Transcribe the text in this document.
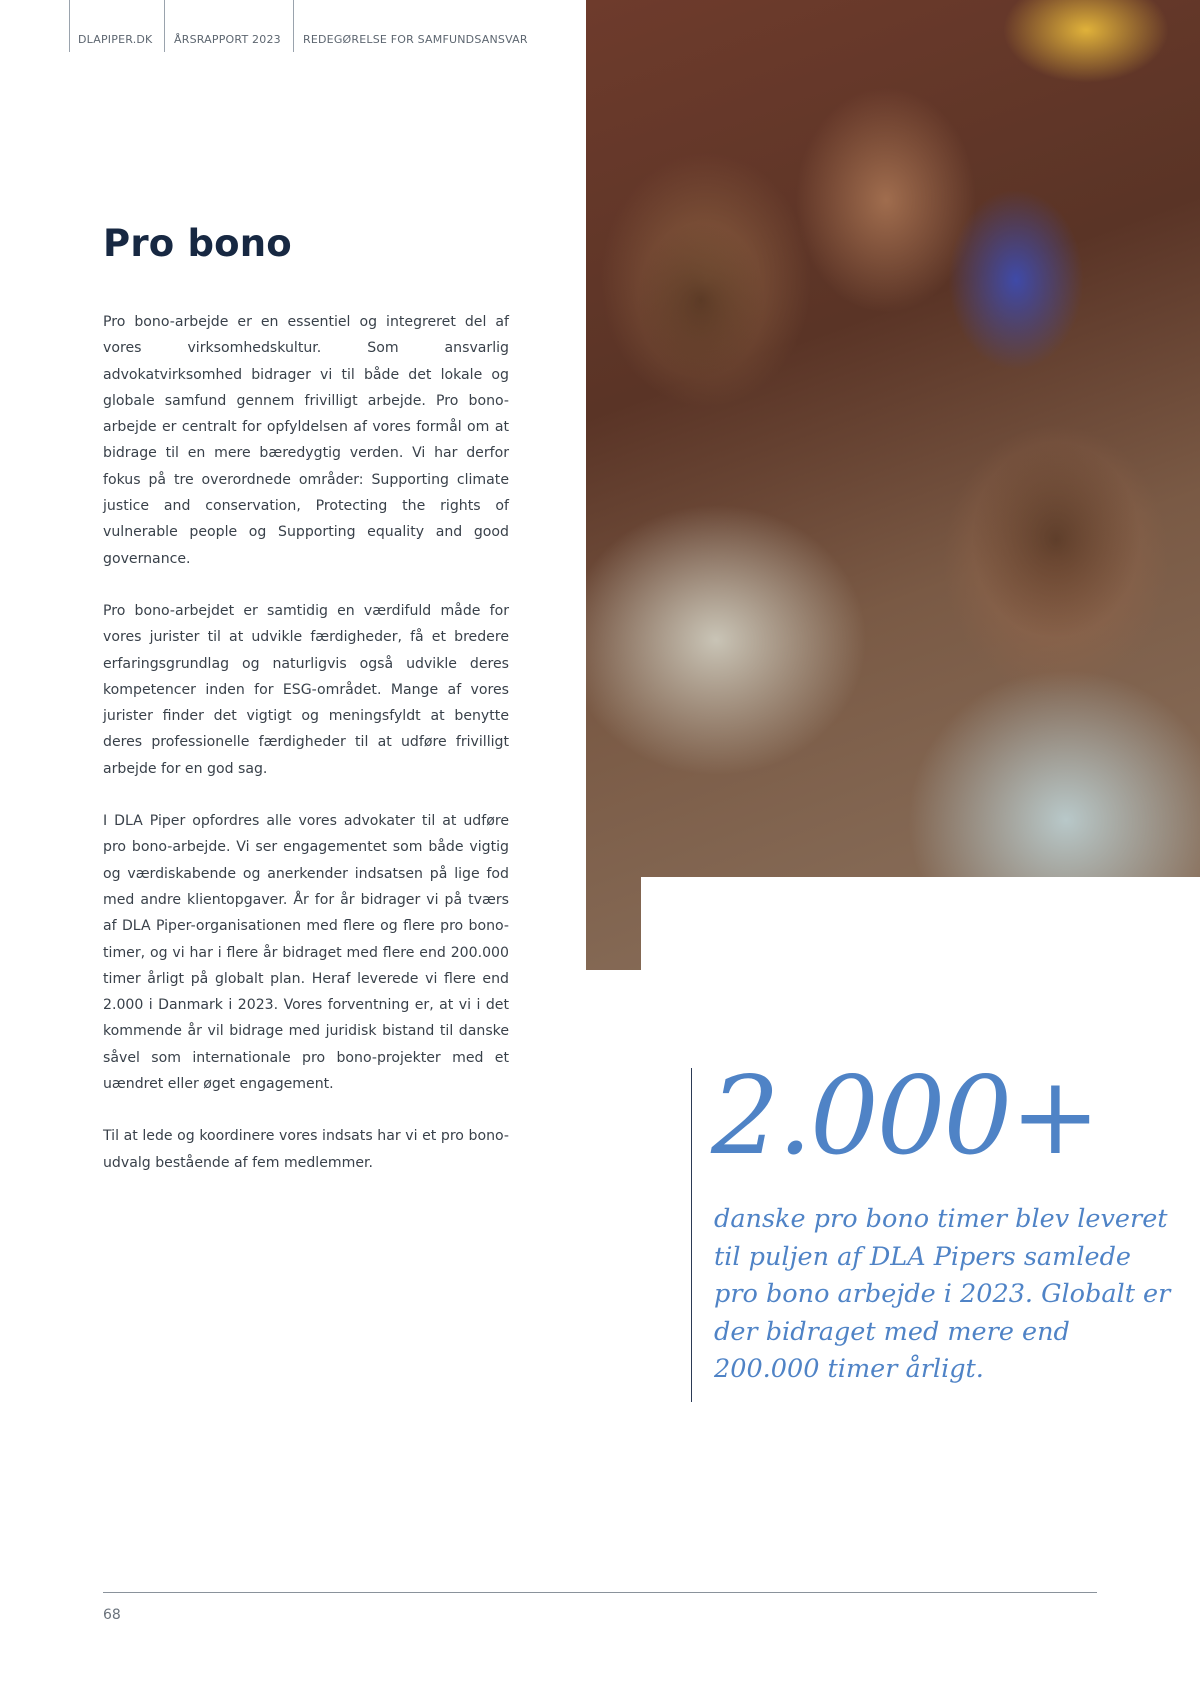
DLAPIPER.DK ÅRSRAPPORT 2023 REDEGØRELSE FOR SAMFUNDSANSVAR
Pro bono

Pro bono-arbejde er en essentiel og integreret del af vores virksomhedskultur. Som ansvarlig advokatvirksomhed bidrager vi til både det lokale og globale samfund gennem frivilligt arbejde. Pro bono-arbejde er centralt for opfyldelsen af vores formål om at bidrage til en mere bæredygtig verden. Vi har derfor fokus på tre overordnede områder: Supporting climate justice and conservation, Protecting the rights of vulnerable people og Supporting equality and good governance.

Pro bono-arbejdet er samtidig en værdifuld måde for vores jurister til at udvikle færdigheder, få et bredere erfaringsgrundlag og naturligvis også udvikle deres kompetencer inden for ESG-området. Mange af vores jurister finder det vigtigt og meningsfyldt at benytte deres professionelle færdigheder til at udføre frivilligt arbejde for en god sag.

I DLA Piper opfordres alle vores advokater til at udføre pro bono-arbejde. Vi ser engagementet som både vigtig og værdiskabende og anerkender indsatsen på lige fod med andre klientopgaver. År for år bidrager vi på tværs af DLA Piper-organisationen med flere og flere pro bono-timer, og vi har i flere år bidraget med flere end 200.000 timer årligt på globalt plan. Heraf leverede vi flere end 2.000 i Danmark i 2023. Vores forventning er, at vi i det kommende år vil bidrage med juridisk bistand til danske såvel som internationale pro bono-projekter med et uændret eller øget engagement.

Til at lede og koordinere vores indsats har vi et pro bono-udvalg bestående af fem medlemmer.	2.000+

danske pro bono timer blev leveret til puljen af DLA Pipers samlede pro bono arbejde i 2023. Globalt er der bidraget med mere end 200.000 timer årligt.

68
